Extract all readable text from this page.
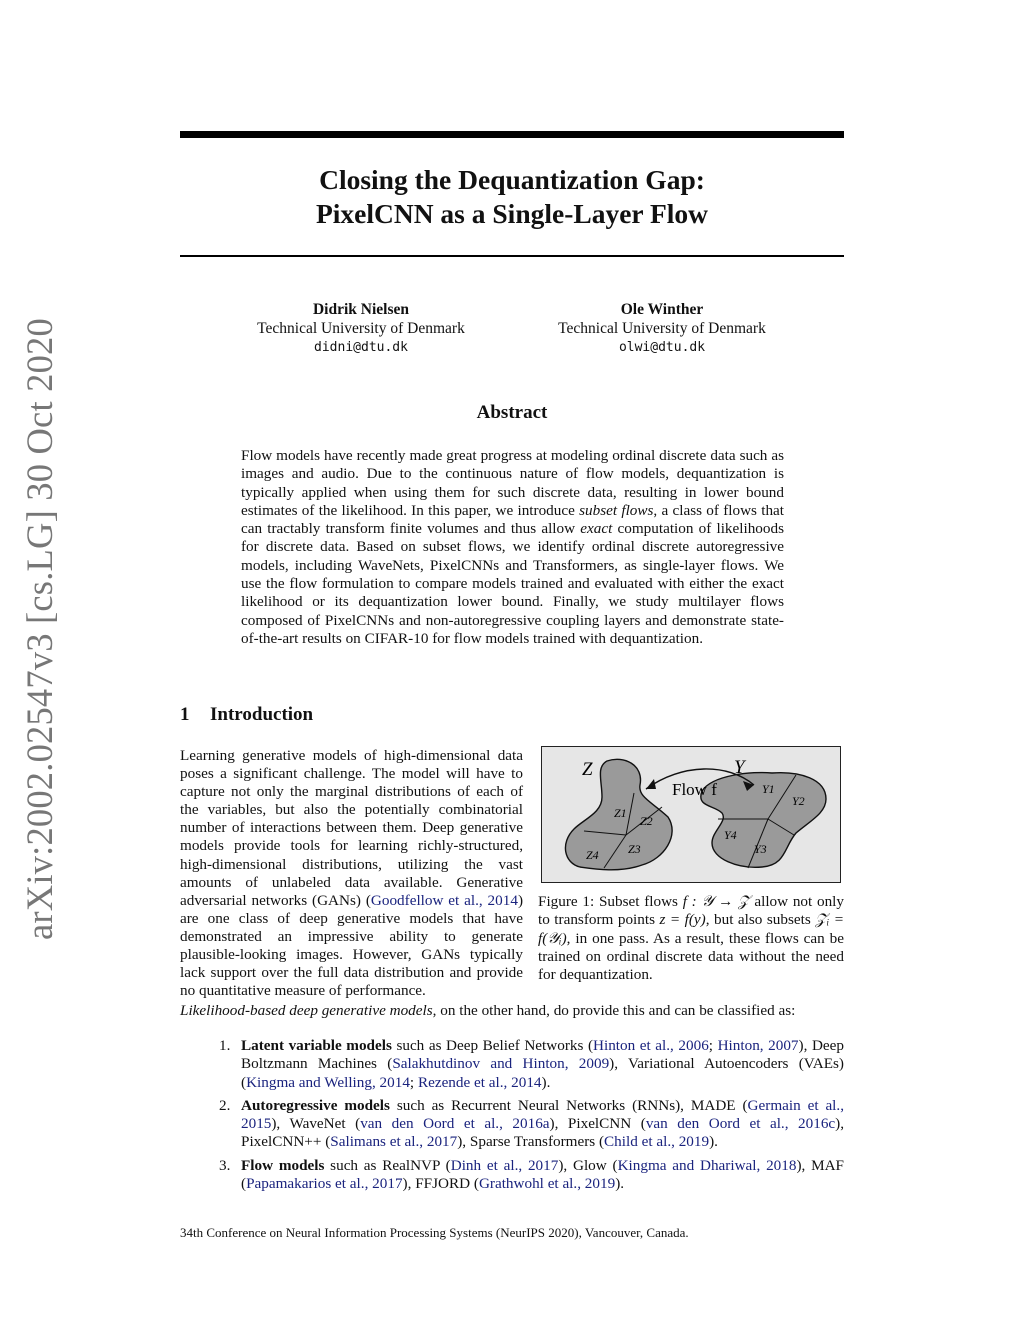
arXiv:2002.02547v3 [cs.LG] 30 Oct 2020
Closing the Dequantization Gap:
PixelCNN as a Single-Layer Flow
Didrik Nielsen
Technical University of Denmark
didni@dtu.dk
Ole Winther
Technical University of Denmark
olwi@dtu.dk
Abstract
Flow models have recently made great progress at modeling ordinal discrete data such as images and audio. Due to the continuous nature of flow models, dequantization is typically applied when using them for such discrete data, resulting in lower bound estimates of the likelihood. In this paper, we introduce subset flows, a class of flows that can tractably transform finite volumes and thus allow exact computation of likelihoods for discrete data. Based on subset flows, we identify ordinal discrete autoregressive models, including WaveNets, PixelCNNs and Transformers, as single-layer flows. We use the flow formulation to compare models trained and evaluated with either the exact likelihood or its dequantization lower bound. Finally, we study multilayer flows composed of PixelCNNs and non-autoregressive coupling layers and demonstrate state-of-the-art results on CIFAR-10 for flow models trained with dequantization.
1 Introduction
Learning generative models of high-dimensional data poses a significant challenge. The model will have to capture not only the marginal distributions of each of the variables, but also the potentially combinatorial number of interactions between them. Deep generative models provide tools for learning richly-structured, high-dimensional distributions, utilizing the vast amounts of unlabeled data available. Generative adversarial networks (GANs) (Goodfellow et al., 2014) are one class of deep generative models that have demonstrated an impressive ability to generate plausible-looking images. However, GANs typically lack support over the full data distribution and provide no quantitative measure of performance.
Z	Y
Flow f
Z1
Z2
Z3
Z4
Y1
Y2
Y3
Y4
Figure 1: Subset flows f : 𝒴 → 𝒵 allow not only to transform points z = f(y), but also subsets 𝒵ᵢ = f(𝒴ᵢ), in one pass. As a result, these flows can be trained on ordinal discrete data without the need for dequantization.
Likelihood-based deep generative models, on the other hand, do provide this and can be classified as:
1. Latent variable models such as Deep Belief Networks (Hinton et al., 2006; Hinton, 2007), Deep Boltzmann Machines (Salakhutdinov and Hinton, 2009), Variational Autoencoders (VAEs) (Kingma and Welling, 2014; Rezende et al., 2014).
2. Autoregressive models such as Recurrent Neural Networks (RNNs), MADE (Germain et al., 2015), WaveNet (van den Oord et al., 2016a), PixelCNN (van den Oord et al., 2016c), PixelCNN++ (Salimans et al., 2017), Sparse Transformers (Child et al., 2019).
3. Flow models such as RealNVP (Dinh et al., 2017), Glow (Kingma and Dhariwal, 2018), MAF (Papamakarios et al., 2017), FFJORD (Grathwohl et al., 2019).
34th Conference on Neural Information Processing Systems (NeurIPS 2020), Vancouver, Canada.
